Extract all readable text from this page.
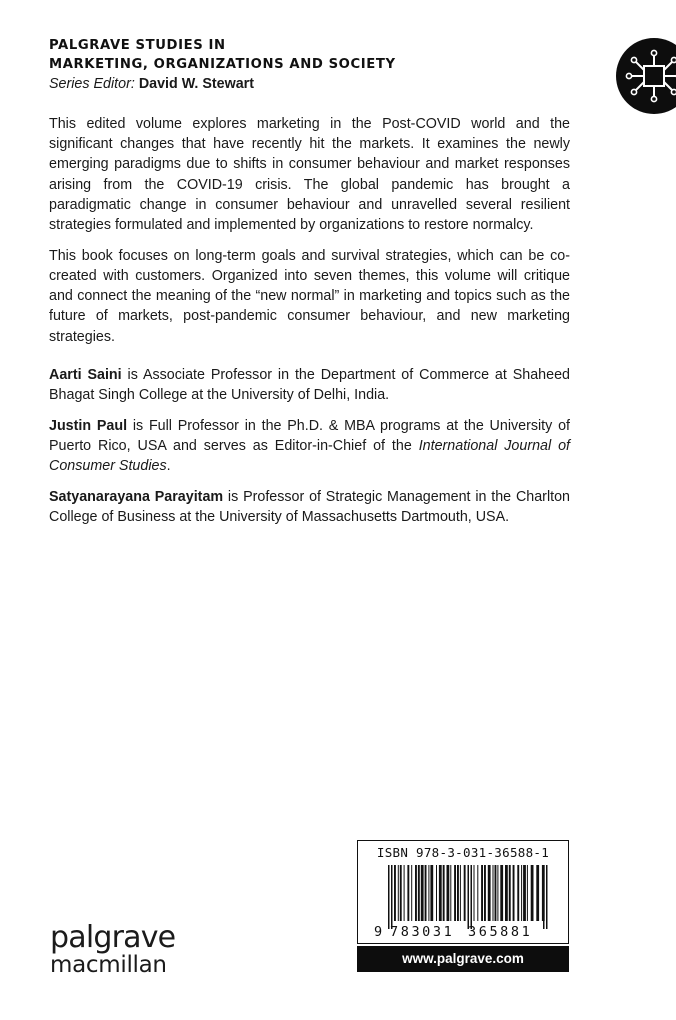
PALGRAVE STUDIES IN
MARKETING, ORGANIZATIONS AND SOCIETY
Series Editor: David W. Stewart

This edited volume explores marketing in the Post-COVID world and the significant changes that have recently hit the markets. It examines the newly emerging paradigms due to shifts in consumer behaviour and market responses arising from the COVID-19 crisis. The global pandemic has brought a paradigmatic change in consumer behaviour and unravelled several resilient strategies formulated and implemented by organizations to restore normalcy.

This book focuses on long-term goals and survival strategies, which can be co-created with customers. Organized into seven themes, this volume will critique and connect the meaning of the “new normal” in marketing and topics such as the future of markets, post-pandemic consumer behaviour, and new marketing strategies.

Aarti Saini is Associate Professor in the Department of Commerce at Shaheed Bhagat Singh College at the University of Delhi, India.

Justin Paul is Full Professor in the Ph.D. & MBA programs at the University of Puerto Rico, USA and serves as Editor-in-Chief of the International Journal of Consumer Studies.

Satyanarayana Parayitam is Professor of Strategic Management in the Charlton College of Business at the University of Massachusetts Dartmouth, USA.

palgrave
macmillan
ISBN 978-3-031-36588-1
9 783031 365881
www.palgrave.com
